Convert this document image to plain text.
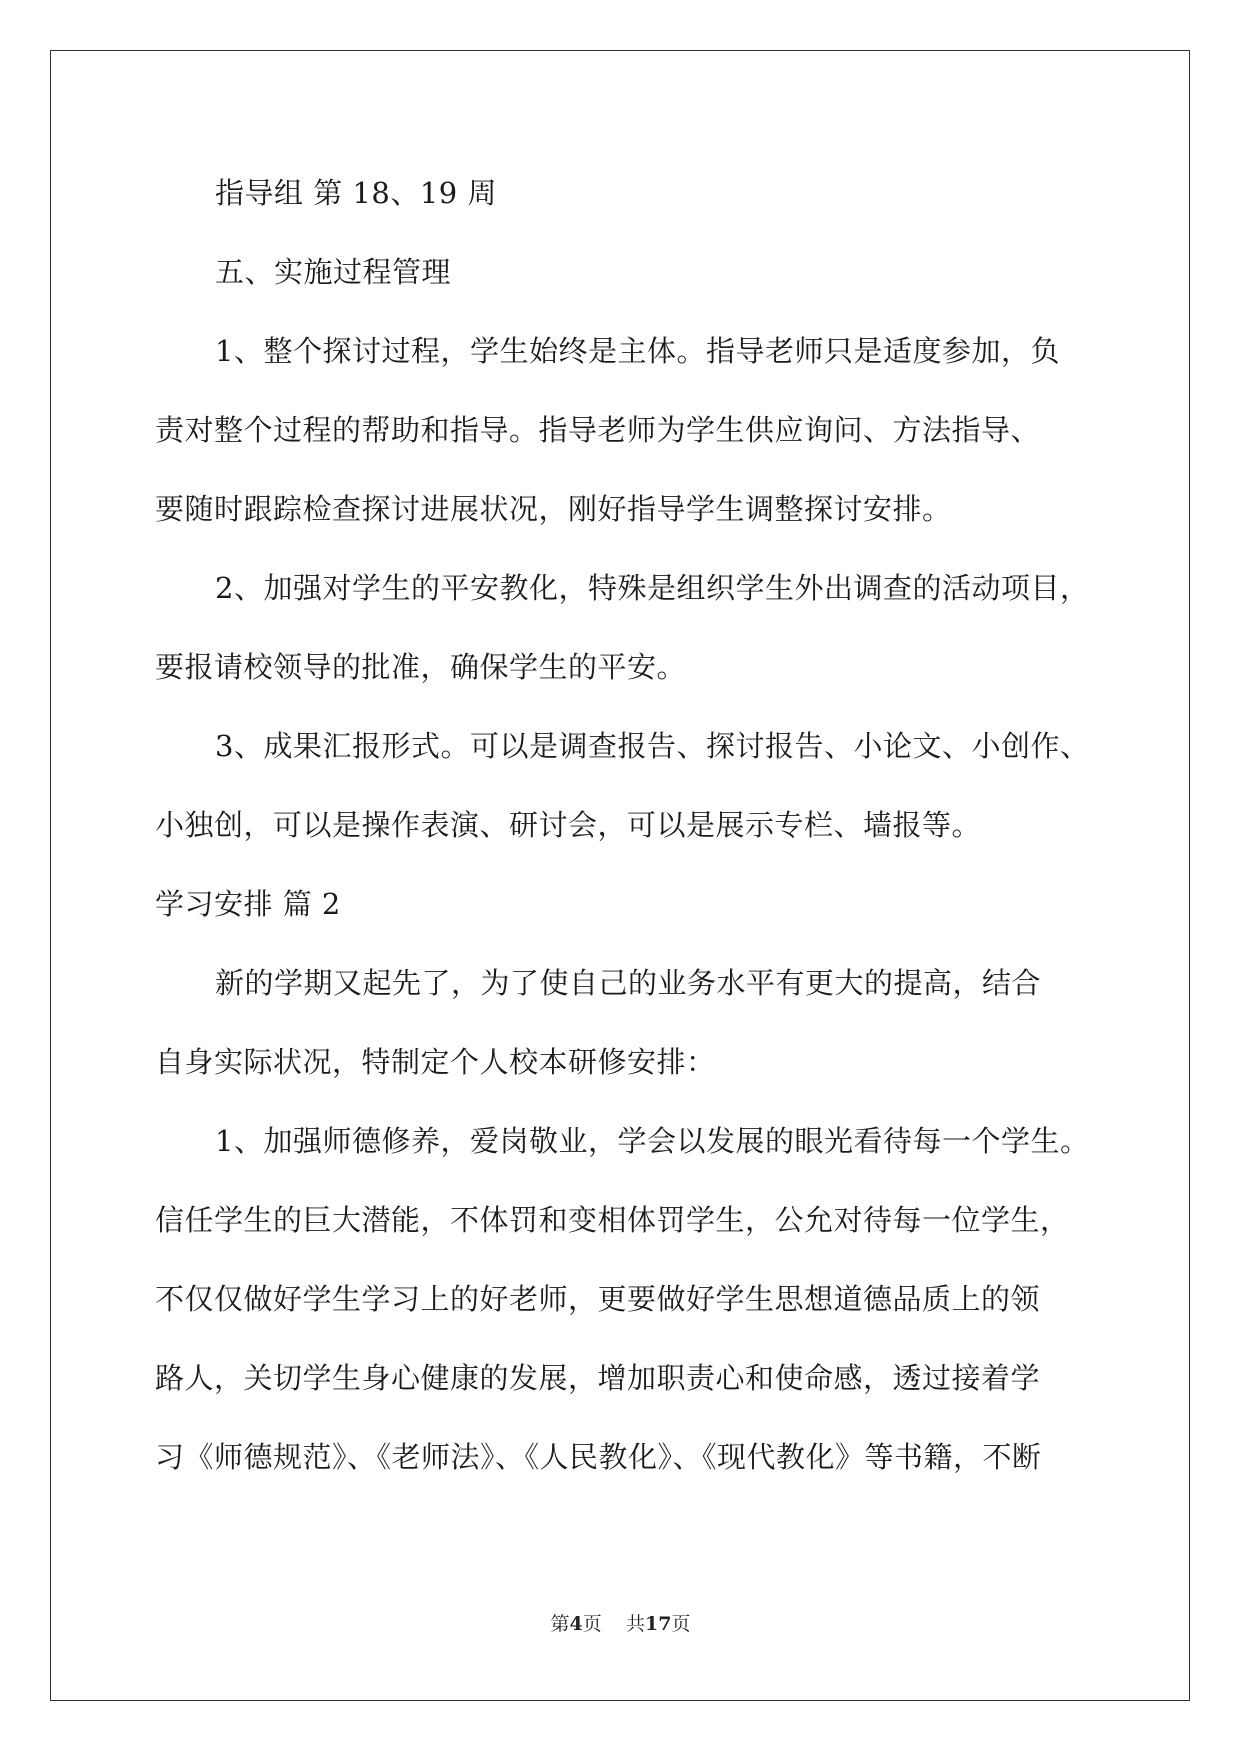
指导组 第 18、19 周
五、实施过程管理
1、整个探讨过程，学生始终是主体。指导老师只是适度参加，负
责对整个过程的帮助和指导。指导老师为学生供应询问、方法指导、
要随时跟踪检查探讨进展状况，刚好指导学生调整探讨安排。
2、加强对学生的平安教化，特殊是组织学生外出调查的活动项目，
要报请校领导的批准，确保学生的平安。
3、成果汇报形式。可以是调查报告、探讨报告、小论文、小创作、
小独创，可以是操作表演、研讨会，可以是展示专栏、墙报等。
学习安排 篇 2
新的学期又起先了，为了使自己的业务水平有更大的提高，结合
自身实际状况，特制定个人校本研修安排：
1、加强师德修养，爱岗敬业，学会以发展的眼光看待每一个学生。
信任学生的巨大潜能，不体罚和变相体罚学生，公允对待每一位学生，
不仅仅做好学生学习上的好老师，更要做好学生思想道德品质上的领
路人，关切学生身心健康的发展，增加职责心和使命感，透过接着学
习《师德规范》、《老师法》、《人民教化》、《现代教化》等书籍，不断
第4页 共17页
